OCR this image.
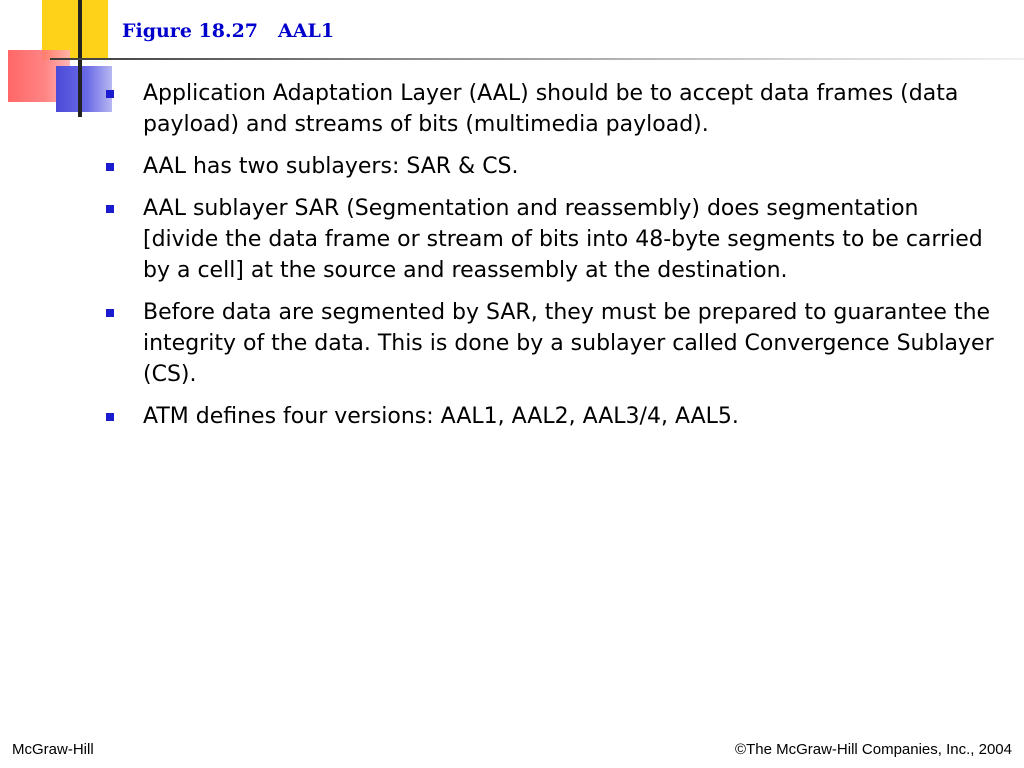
Figure 18.27 AAL1
Application Adaptation Layer (AAL) should be to accept data frames (data payload) and streams of bits (multimedia payload).
AAL has two sublayers: SAR & CS.
AAL sublayer SAR (Segmentation and reassembly) does segmentation [divide the data frame or stream of bits into 48-byte segments to be carried by a cell] at the source and reassembly at the destination.
Before data are segmented by SAR, they must be prepared to guarantee the integrity of the data. This is done by a sublayer called Convergence Sublayer (CS).
ATM defines four versions: AAL1, AAL2, AAL3/4, AAL5.
McGraw-Hill	©The McGraw-Hill Companies, Inc., 2004
